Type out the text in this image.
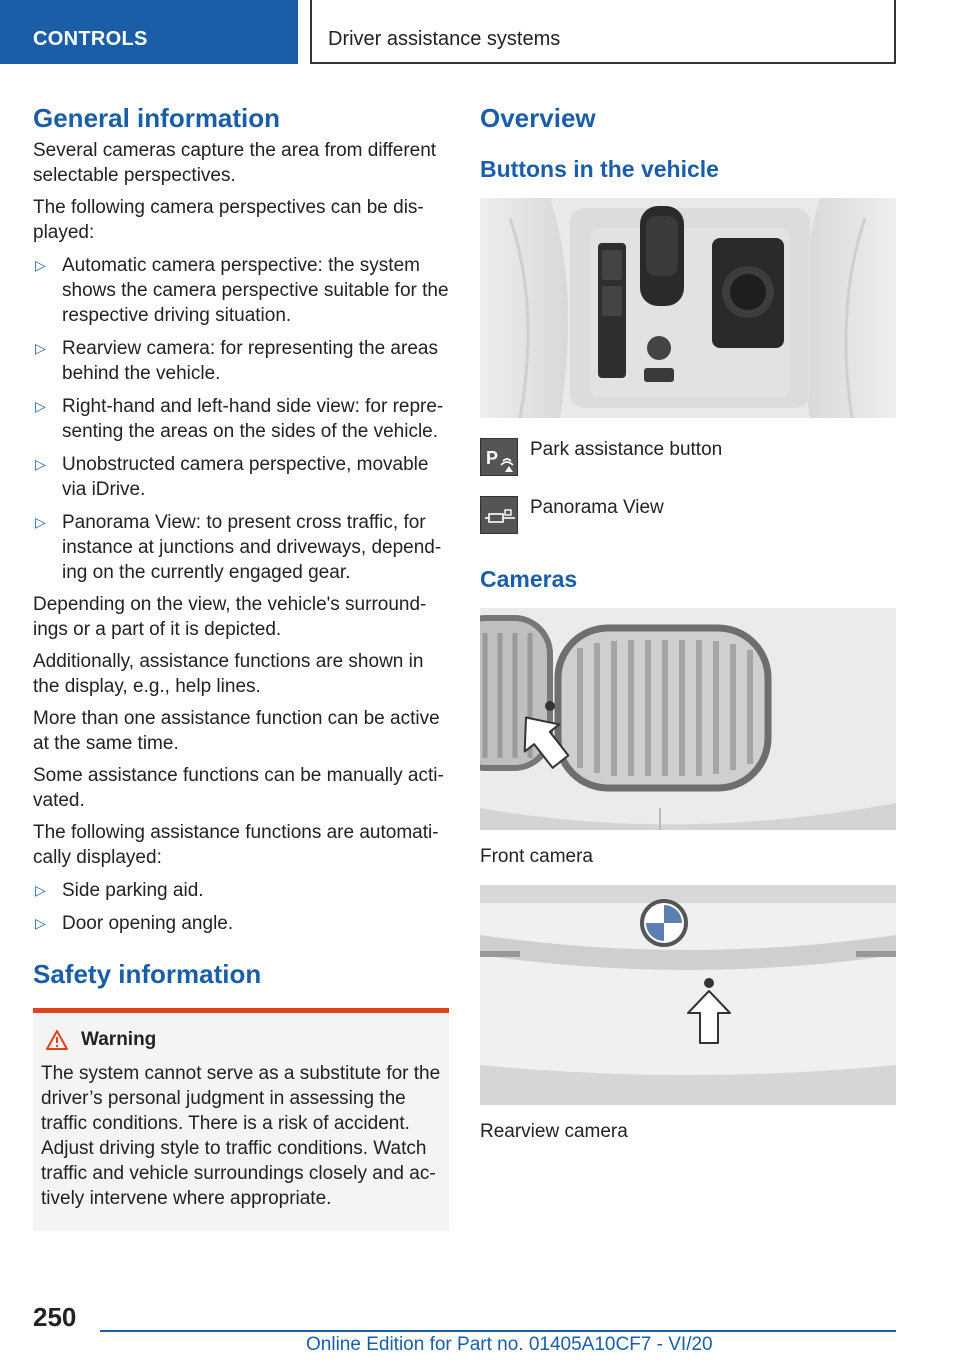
CONTROLS	Driver assistance systems
General information

Several cameras capture the area from different selectable perspectives.

The following camera perspectives can be dis-played:

▷ Automatic camera perspective: the system shows the camera perspective suitable for the respective driving situation.
▷ Rearview camera: for representing the areas behind the vehicle.
▷ Right-hand and left-hand side view: for repre-senting the areas on the sides of the vehicle.
▷ Unobstructed camera perspective, movable via iDrive.
▷ Panorama View: to present cross traffic, for instance at junctions and driveways, depend-ing on the currently engaged gear.

Depending on the view, the vehicle's surround-ings or a part of it is depicted.

Additionally, assistance functions are shown in the display, e.g., help lines.

More than one assistance function can be active at the same time.

Some assistance functions can be manually acti-vated.

The following assistance functions are automati-cally displayed:

▷ Side parking aid.
▷ Door opening angle.
Safety information
Warning

The system cannot serve as a substitute for the driver’s personal judgment in assessing the traffic conditions. There is a risk of accident. Adjust driving style to traffic conditions. Watch traffic and vehicle surroundings closely and ac-tively intervene where appropriate.

Overview
Buttons in the vehicle
P Park assistance button
Panorama View
Cameras
Front camera
Rearview camera
250
Online Edition for Part no. 01405A10CF7 - VI/20
